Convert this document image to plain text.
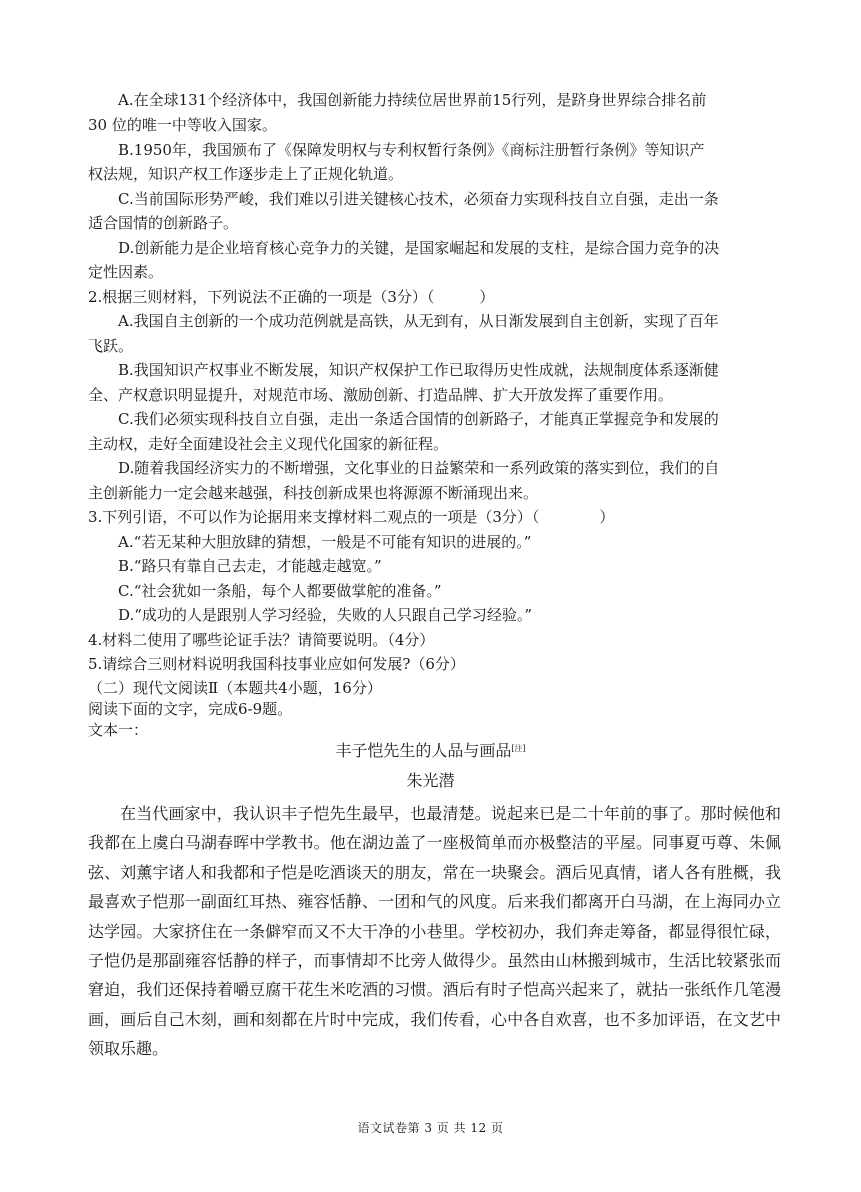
A.在全球131个经济体中，我国创新能力持续位居世界前15行列，是跻身世界综合排名前
30 位的唯一中等收入国家。
B.1950年，我国颁布了《保障发明权与专利权暂行条例》《商标注册暂行条例》等知识产
权法规，知识产权工作逐步走上了正规化轨道。
C.当前国际形势严峻，我们难以引进关键核心技术，必须奋力实现科技自立自强，走出一条
适合国情的创新路子。
D.创新能力是企业培育核心竞争力的关键，是国家崛起和发展的支柱，是综合国力竞争的决
定性因素。
2.根据三则材料，下列说法不正确的一项是（3分）（　　　）
A.我国自主创新的一个成功范例就是高铁，从无到有，从日渐发展到自主创新，实现了百年
飞跃。
B.我国知识产权事业不断发展，知识产权保护工作已取得历史性成就，法规制度体系逐渐健
全、产权意识明显提升，对规范市场、激励创新、打造品牌、扩大开放发挥了重要作用。
C.我们必须实现科技自立自强，走出一条适合国情的创新路子，才能真正掌握竞争和发展的
主动权，走好全面建设社会主义现代化国家的新征程。
D.随着我国经济实力的不断增强，文化事业的日益繁荣和一系列政策的落实到位，我们的自
主创新能力一定会越来越强，科技创新成果也将源源不断涌现出来。
3.下列引语，不可以作为论据用来支撑材料二观点的一项是（3分）（　　　　）
A.“若无某种大胆放肆的猜想，一般是不可能有知识的进展的。”
B.“路只有靠自己去走，才能越走越宽。”
C.“社会犹如一条船，每个人都要做掌舵的准备。”
D.“成功的人是跟别人学习经验，失败的人只跟自己学习经验。”
4.材料二使用了哪些论证手法？请简要说明。（4分）
5.请综合三则材料说明我国科技事业应如何发展?（6分）
（二）现代文阅读Ⅱ（本题共4小题，16分）
阅读下面的文字，完成6-9题。
文本一：
丰子恺先生的人品与画品[注]
朱光潜
在当代画家中，我认识丰子恺先生最早，也最清楚。说起来已是二十年前的事了。那时候他和我都在上虞白马湖春晖中学教书。他在湖边盖了一座极简单而亦极整洁的平屋。同事夏丏尊、朱佩弦、刘薰宇诸人和我都和子恺是吃酒谈天的朋友，常在一块聚会。酒后见真情，诸人各有胜概，我最喜欢子恺那一副面红耳热、雍容恬静、一团和气的风度。后来我们都离开白马湖，在上海同办立达学园。大家挤住在一条僻窄而又不大干净的小巷里。学校初办，我们奔走筹备，都显得很忙碌，子恺仍是那副雍容恬静的样子，而事情却不比旁人做得少。虽然由山林搬到城市，生活比较紧张而窘迫，我们还保持着嚼豆腐干花生米吃酒的习惯。酒后有时子恺高兴起来了，就拈一张纸作几笔漫画，画后自己木刻，画和刻都在片时中完成，我们传看，心中各自欢喜，也不多加评语，在文艺中领取乐趣。
语文试卷第 3 页 共 12 页
